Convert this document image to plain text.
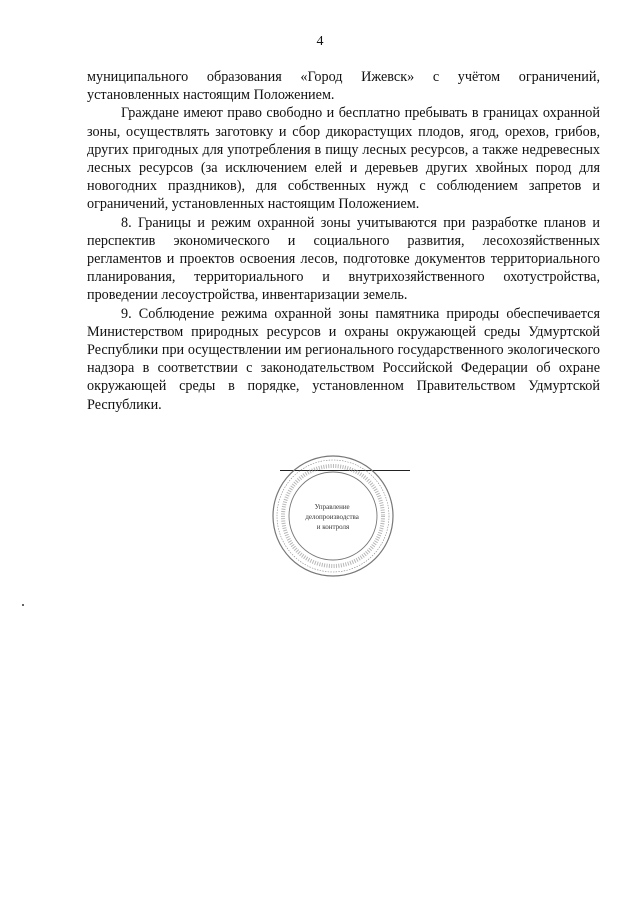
4

муниципального образования «Город Ижевск» с учётом ограничений, установленных настоящим Положением.

Граждане имеют право свободно и бесплатно пребывать в границах охранной зоны, осуществлять заготовку и сбор дикорастущих плодов, ягод, орехов, грибов, других пригодных для употребления в пищу лесных ресурсов, а также недревесных лесных ресурсов (за исключением елей и деревьев других хвойных пород для новогодних праздников), для собственных нужд с соблюдением запретов и ограничений, установленных настоящим Положением.

8. Границы и режим охранной зоны учитываются при разработке планов и перспектив экономического и социального развития, лесохозяйственных регламентов и проектов освоения лесов, подготовке документов территориального планирования, территориального и внутрихозяйственного охотустройства, проведении лесоустройства, инвентаризации земель.

9. Соблюдение режима охранной зоны памятника природы обеспечивается Министерством природных ресурсов и охраны окружающей среды Удмуртской Республики при осуществлении им регионального государственного экологического надзора в соответствии с законодательством Российской Федерации об охране окружающей среды в порядке, установленном Правительством Удмуртской Республики.

Управление делопроизводства и контроля
